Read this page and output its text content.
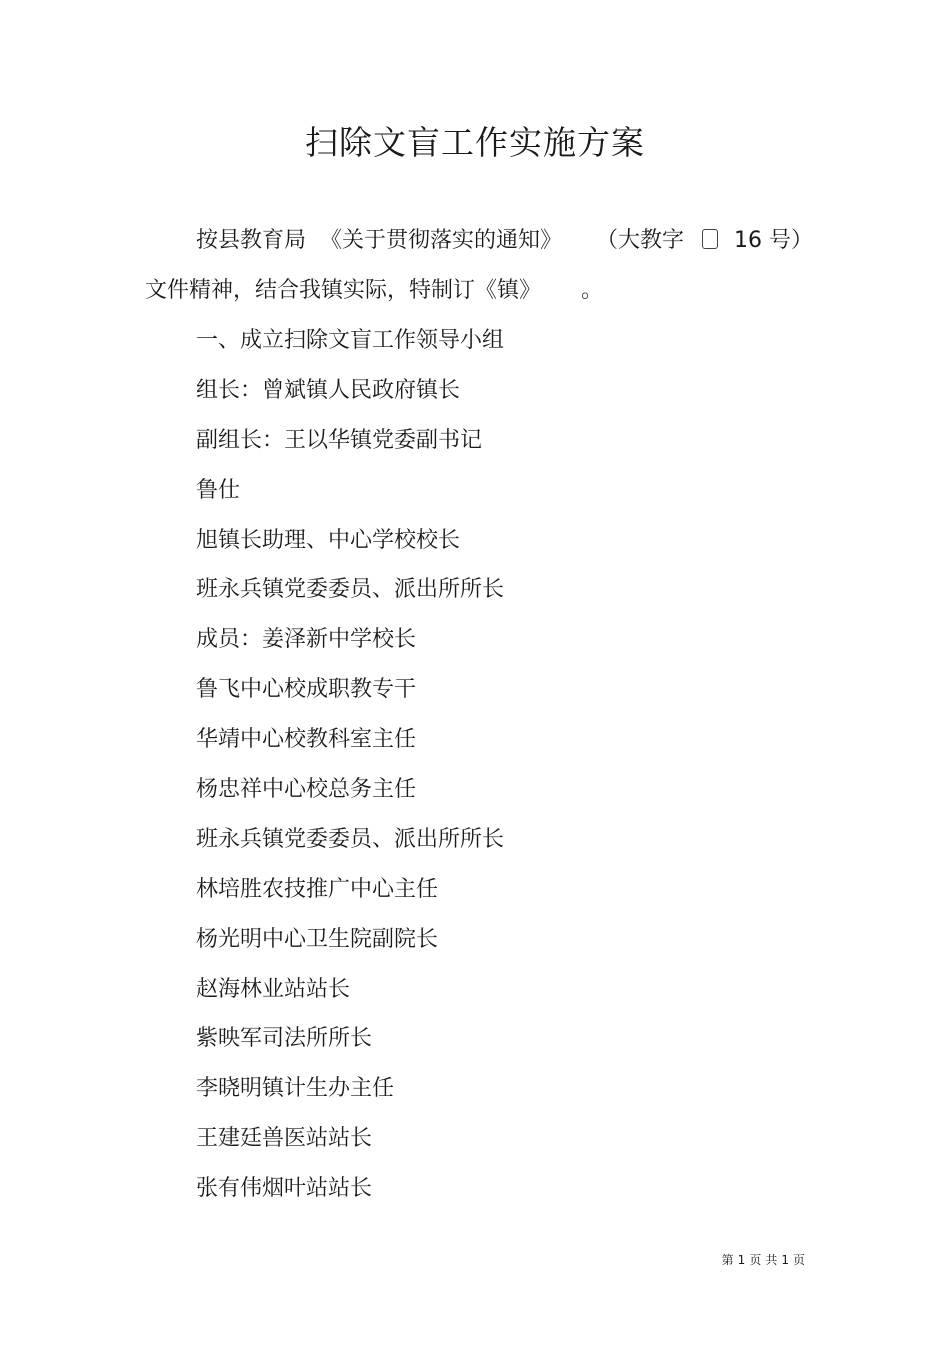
扫除文盲工作实施方案
按县教育局 《关于贯彻落实的通知》 （大教字 16 号）
文件精神，结合我镇实际，特制订《镇》 。
一、成立扫除文盲工作领导小组
组长：曾斌镇人民政府镇长
副组长：王以华镇党委副书记
鲁仕
旭镇长助理、中心学校校长
班永兵镇党委委员、派出所所长
成员：姜泽新中学校长
鲁飞中心校成职教专干
华靖中心校教科室主任
杨忠祥中心校总务主任
班永兵镇党委委员、派出所所长
林培胜农技推广中心主任
杨光明中心卫生院副院长
赵海林业站站长
紫映军司法所所长
李晓明镇计生办主任
王建廷兽医站站长
张有伟烟叶站站长
第 1 页 共 1 页
